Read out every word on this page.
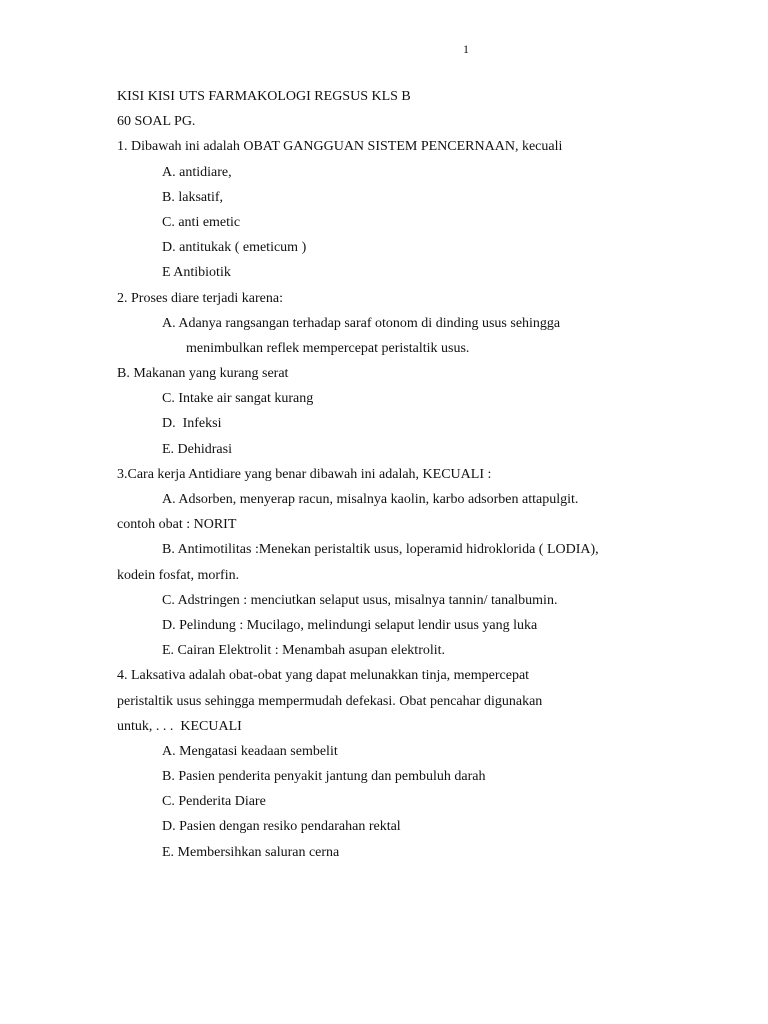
1
KISI KISI UTS FARMAKOLOGI REGSUS KLS B
60 SOAL PG.
1. Dibawah ini adalah OBAT GANGGUAN SISTEM PENCERNAAN, kecuali
A. antidiare,
B. laksatif,
C. anti emetic
D. antitukak ( emeticum )
E Antibiotik
2. Proses diare terjadi karena:
A. Adanya rangsangan terhadap saraf otonom di dinding usus sehingga
menimbulkan reflek mempercepat peristaltik usus.
B. Makanan yang kurang serat
C. Intake air sangat kurang
D.  Infeksi
E. Dehidrasi
3.Cara kerja Antidiare yang benar dibawah ini adalah, KECUALI :
A. Adsorben, menyerap racun, misalnya kaolin, karbo adsorben attapulgit.
contoh obat : NORIT
B. Antimotilitas :Menekan peristaltik usus, loperamid hidroklorida ( LODIA),
kodein fosfat, morfin.
C. Adstringen : menciutkan selaput usus, misalnya tannin/ tanalbumin.
D. Pelindung : Mucilago, melindungi selaput lendir usus yang luka
E. Cairan Elektrolit : Menambah asupan elektrolit.
4. Laksativa adalah obat-obat yang dapat melunakkan tinja, mempercepat
peristaltik usus sehingga mempermudah defekasi. Obat pencahar digunakan
untuk, . . .  KECUALI
A. Mengatasi keadaan sembelit
B. Pasien penderita penyakit jantung dan pembuluh darah
C. Penderita Diare
D. Pasien dengan resiko pendarahan rektal
E. Membersihkan saluran cerna
